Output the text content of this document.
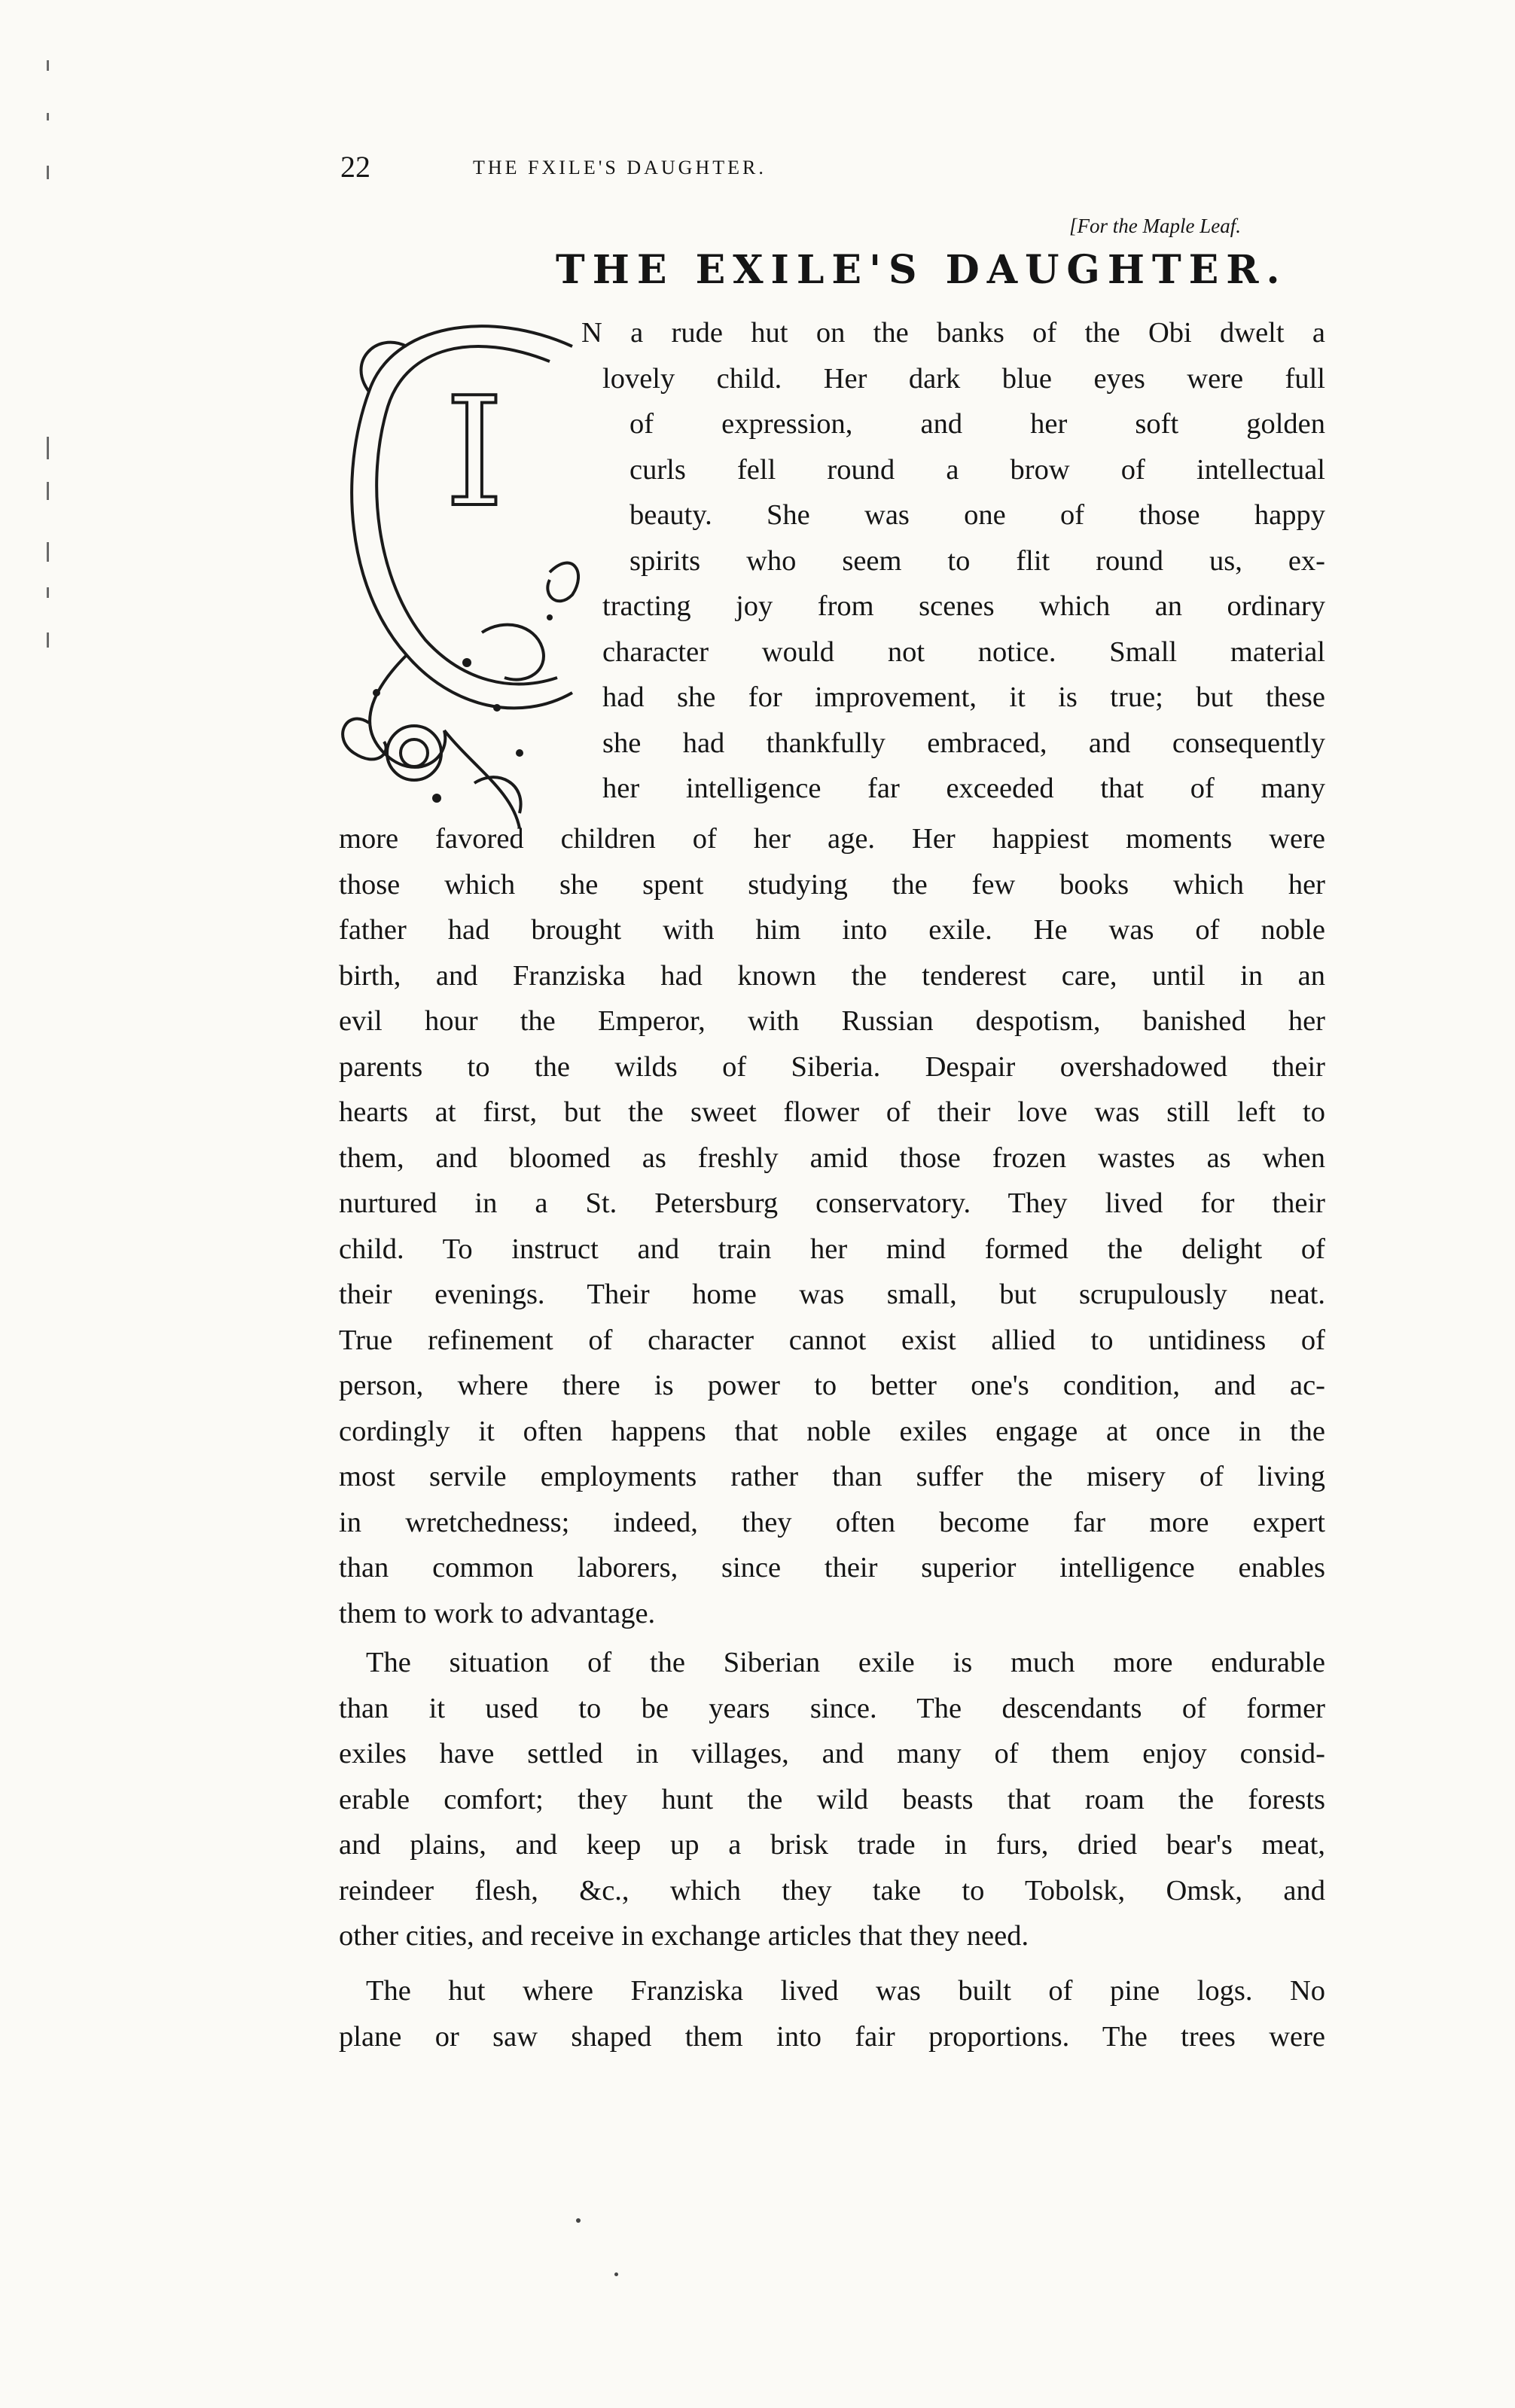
22	THE FXILE'S DAUGHTER.
[For the Maple Leaf.
THE EXILE'S DAUGHTER.
I
N a rude hut on the banks of the Obi dwelt a
lovely child. Her dark blue eyes were full
of expression, and her soft golden
curls fell round a brow of intellectual
beauty. She was one of those happy
spirits who seem to flit round us, ex-
tracting joy from scenes which an ordinary
character would not notice. Small material
had she for improvement, it is true; but these
she had thankfully embraced, and consequently
her intelligence far exceeded that of many
more favored children of her age. Her happiest moments were
those which she spent studying the few books which her
father had brought with him into exile. He was of noble
birth, and Franziska had known the tenderest care, until in an
evil hour the Emperor, with Russian despotism, banished her
parents to the wilds of Siberia. Despair overshadowed their
hearts at first, but the sweet flower of their love was still left to
them, and bloomed as freshly amid those frozen wastes as when
nurtured in a St. Petersburg conservatory. They lived for their
child. To instruct and train her mind formed the delight of
their evenings. Their home was small, but scrupulously neat.
True refinement of character cannot exist allied to untidiness of
person, where there is power to better one's condition, and ac-
cordingly it often happens that noble exiles engage at once in the
most servile employments rather than suffer the misery of living
in wretchedness; indeed, they often become far more expert
than common laborers, since their superior intelligence enables
them to work to advantage.
The situation of the Siberian exile is much more endurable
than it used to be years since. The descendants of former
exiles have settled in villages, and many of them enjoy consid-
erable comfort; they hunt the wild beasts that roam the forests
and plains, and keep up a brisk trade in furs, dried bear's meat,
reindeer flesh, &c., which they take to Tobolsk, Omsk, and
other cities, and receive in exchange articles that they need.
The hut where Franziska lived was built of pine logs. No
plane or saw shaped them into fair proportions. The trees were
